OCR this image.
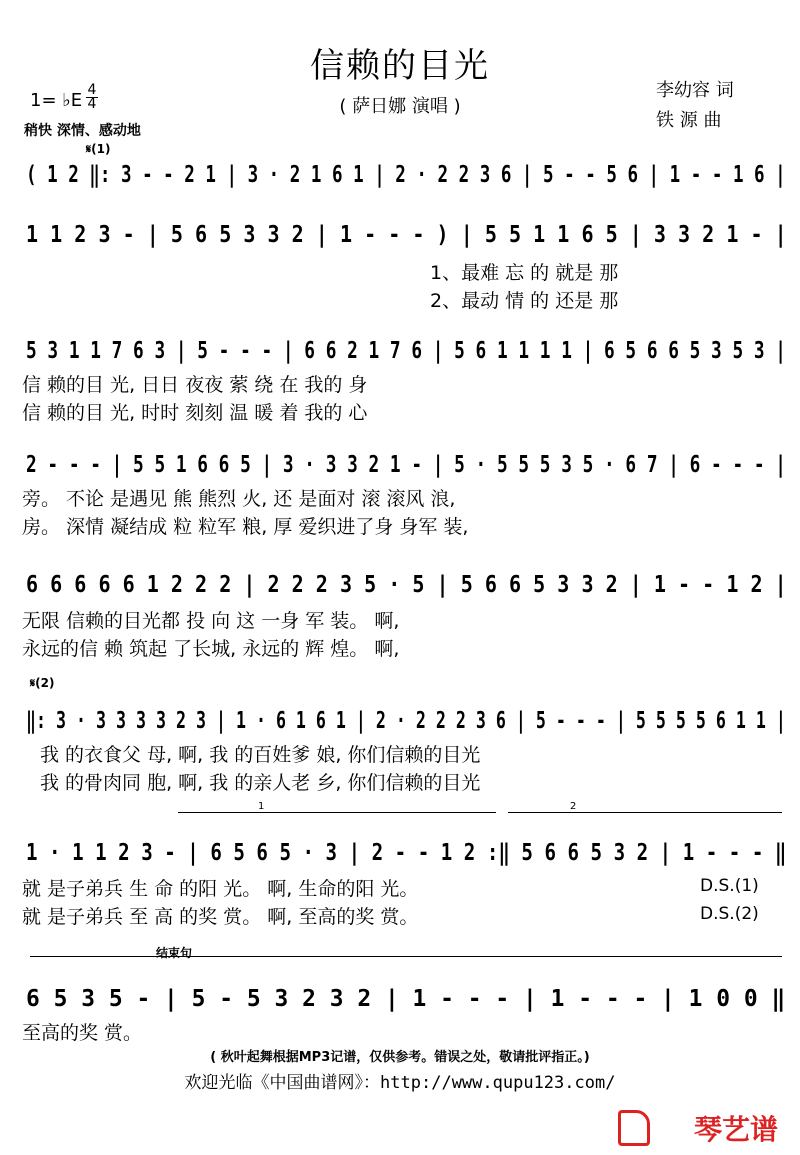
信赖的目光
( 萨日娜 演唱 )
1= ♭E 4
4
稍快 深情、感动地
李幼容 词
铁 源 曲
𝄋(1)
( 1 2 ‖: 3 - - 2 1 | 3 · 2 1 6 1 | 2 · 2 2 3 6 | 5 - - 5 6 | 1 - - 1 6 |
1 1 2 3 - | 5 6 5 3 3 2 | 1 - - - ) | 5 5 1 1 6 5 | 3 3 2 1 - |
1、最难 忘 的 就是 那
2、最动 情 的 还是 那
5 3 1 1 7 6 3 | 5 - - - | 6 6 2 1 7 6 | 5 6 1 1 1 1 | 6 5 6 6 5 3 5 3 |
信 赖的目 光, 日日 夜夜 萦 绕 在 我的 身
信 赖的目 光, 时时 刻刻 温 暖 着 我的 心
2 - - - | 5 5 1 6 6 5 | 3 · 3 3 2 1 - | 5 · 5 5 5 3 5 · 6 7 | 6 - - - |
旁。 不论 是遇见 熊 熊烈 火, 还 是面对 滚 滚风 浪,
房。 深情 凝结成 粒 粒军 粮, 厚 爱织进了身 身军 装,
6 6 6 6 6 1 2 2 2 | 2 2 2 3 5 · 5 | 5 6 6 5 3 3 2 | 1 - - 1 2 |
无限 信赖的目光都 投 向 这 一身 军 装。 啊,
永远的信 赖 筑起 了长城, 永远的 辉 煌。 啊,
𝄋(2)
‖: 3 · 3 3 3 3 2 3 | 1 · 6 1 6 1 | 2 · 2 2 2 3 6 | 5 - - - | 5 5 5 5 6 1 1 |
我 的衣食父 母, 啊, 我 的百姓爹 娘, 你们信赖的目光
我 的骨肉同 胞, 啊, 我 的亲人老 乡, 你们信赖的目光
1	2
1 · 1 1 2 3 - | 6 5 6 5 · 3 | 2 - - 1 2 :‖ 5 6 6 5 3 2 | 1 - - - ‖
就 是子弟兵 生 命 的阳 光。 啊, 生命的阳 光。
就 是子弟兵 至 高 的奖 赏。 啊, 至高的奖 赏。
D.S.(1)
D.S.(2)
结束句
6 5 3 5 - | 5 - 5 3 2 3 2 | 1 - - - | 1 - - - | 1 0 0 ‖
至高的奖 赏。
( 秋叶起舞根据MP3记谱，仅供参考。错误之处，敬请批评指正。)
欢迎光临《中国曲谱网》：http://www.qupu123.com/
琴艺谱
